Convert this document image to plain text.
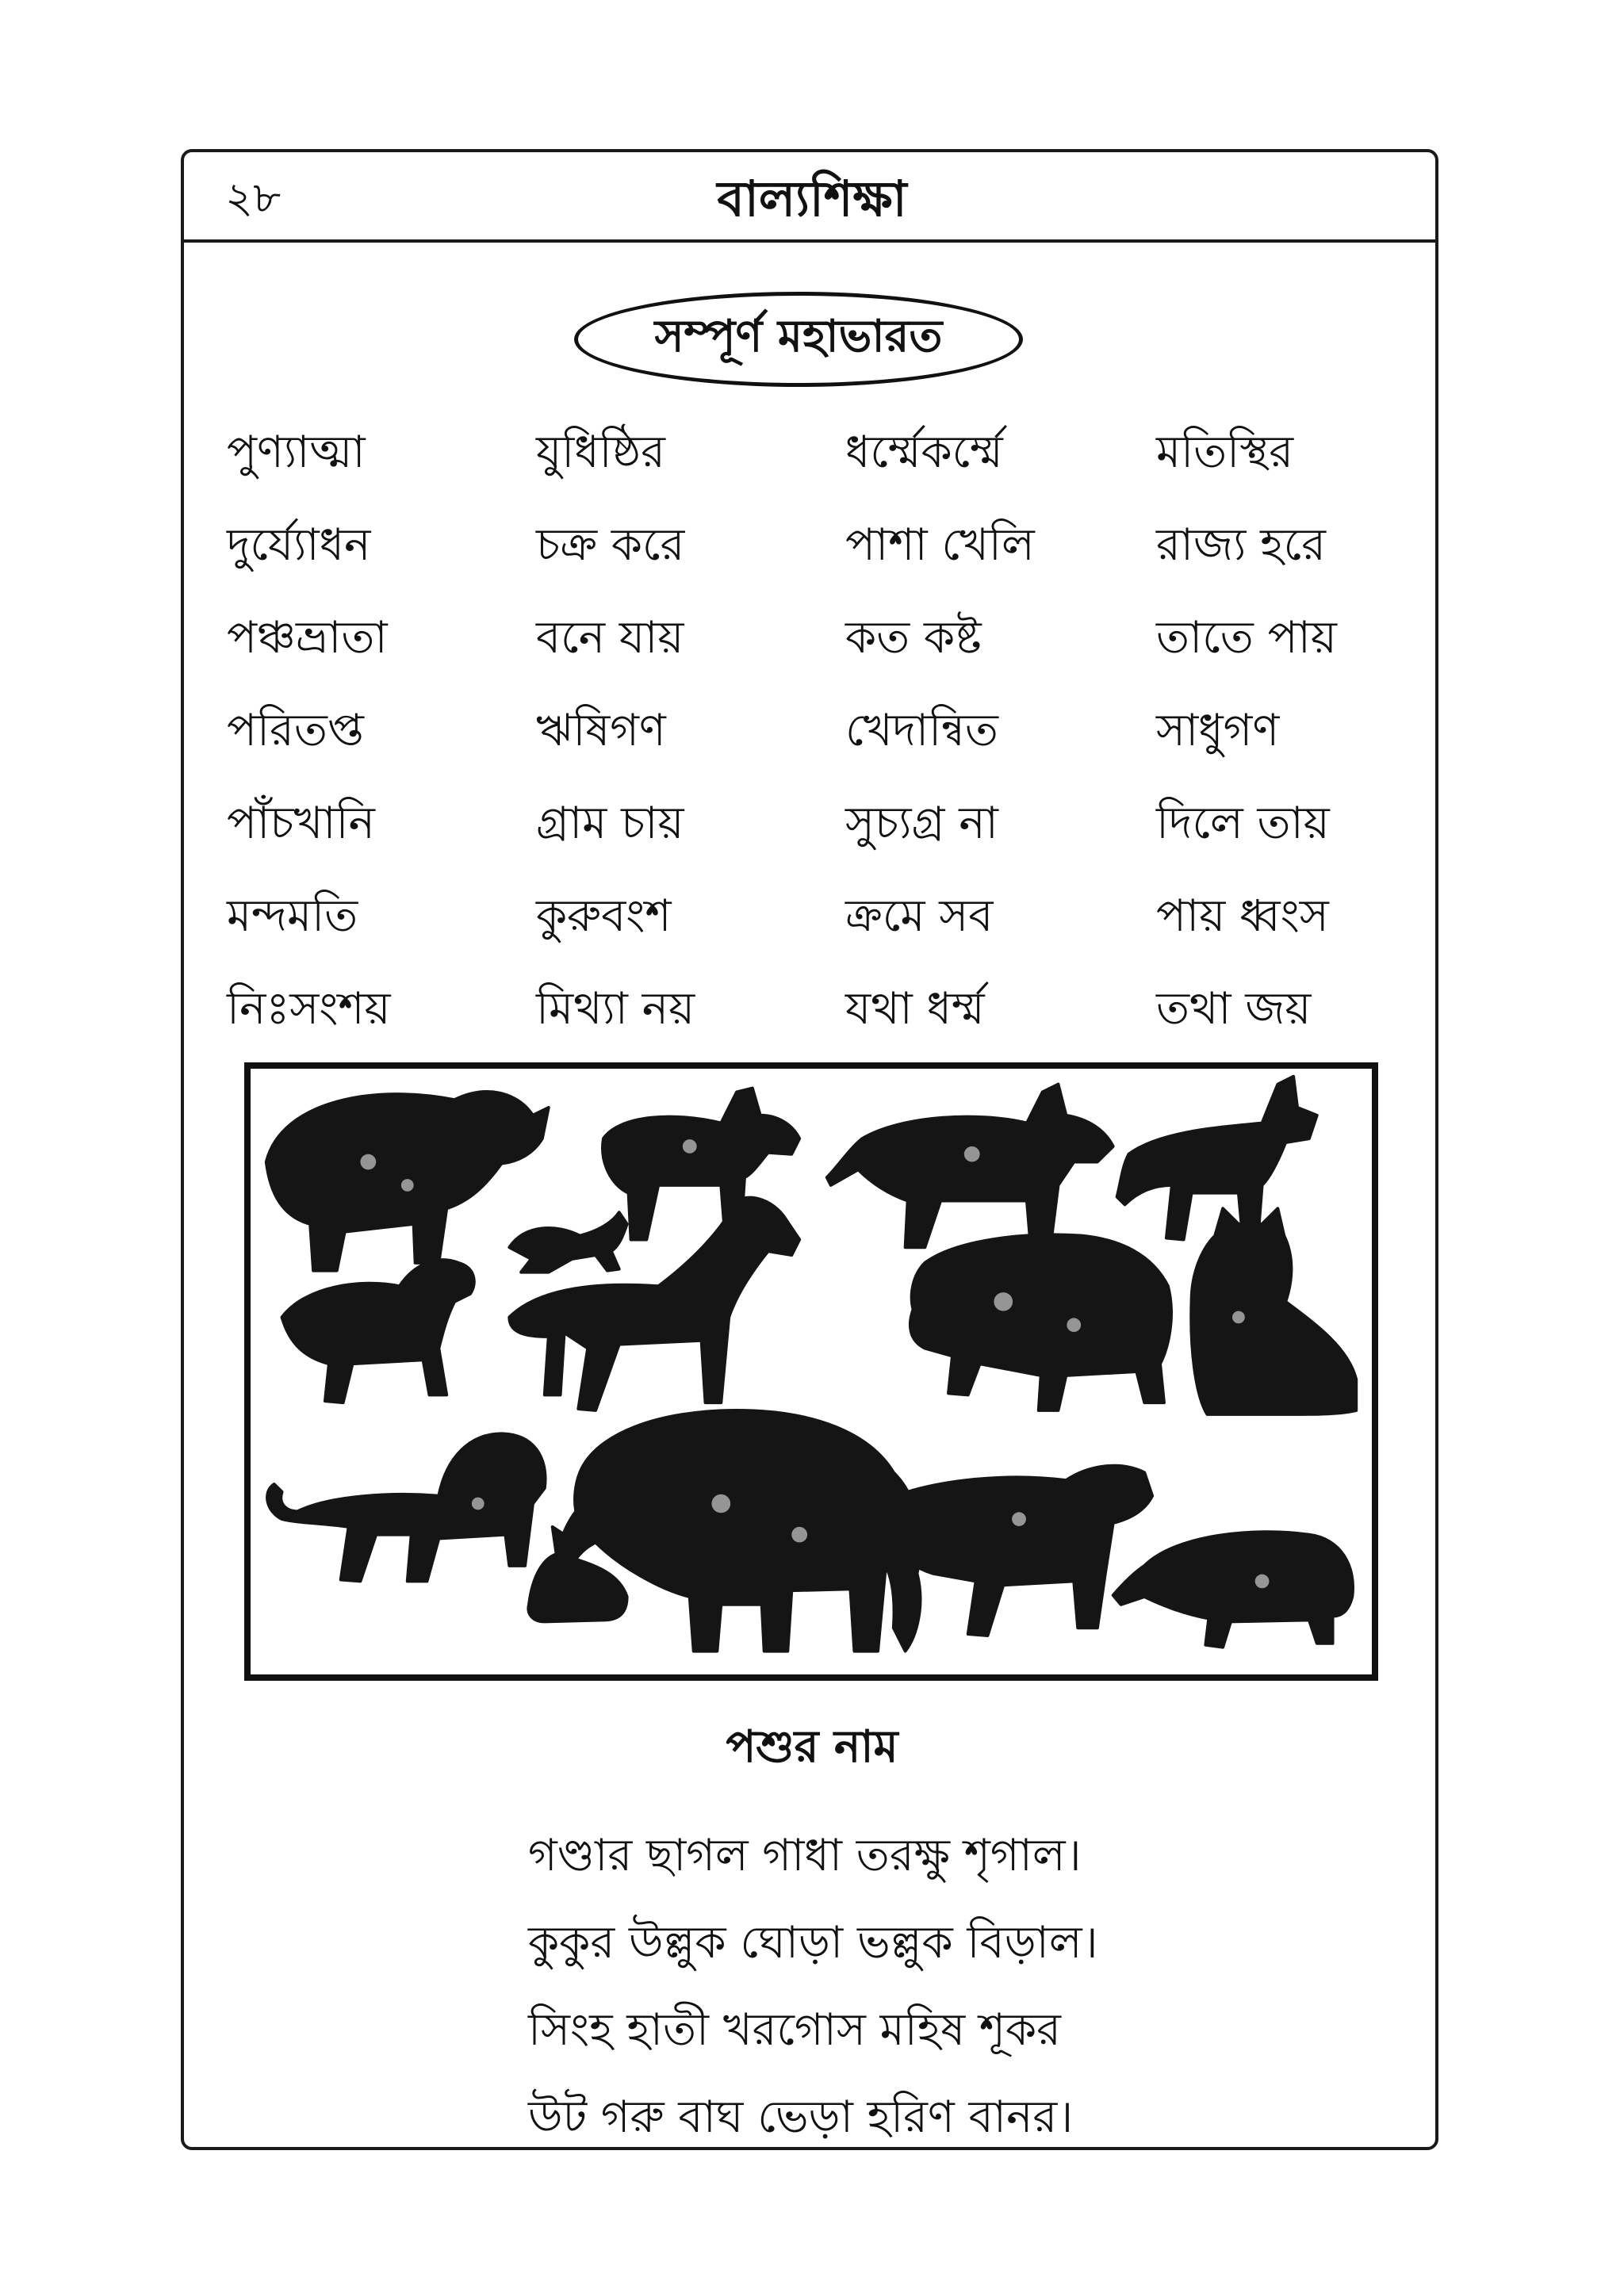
২৮	বাল্যশিক্ষা
সম্পূর্ণ মহাভারত
পুণ্যাত্মা	যুধিষ্ঠির	ধর্ম্মেকর্ম্মে	মতিস্থির
দুর্য্যোধন	চক্র করে	পাশা খেলি	রাজ্য হরে
পঞ্চভ্রাতা	বনে যায়	কত কষ্ট	তাতে পায়
পরিতপ্ত	ঋষিগণ	খেদান্বিত	সাধুগণ
পাঁচখানি	গ্রাম চায়	সুচ্যগ্র না	দিলে তায়
মন্দমতি	কুরুবংশ	ক্রমে সব	পায় ধ্বংস
নিঃসংশয়	মিথ্যা নয়	যথা ধর্ম্ম	তথা জয়
পশুর নাম
গণ্ডার ছাগল গাধা তরক্ষু শৃগাল।
কুকুর উল্লুক ঘোড়া ভল্লুক বিড়াল।
সিংহ হাতী খরগোস মহিষ শূকর
উট গরু বাঘ ভেড়া হরিণ বানর।
